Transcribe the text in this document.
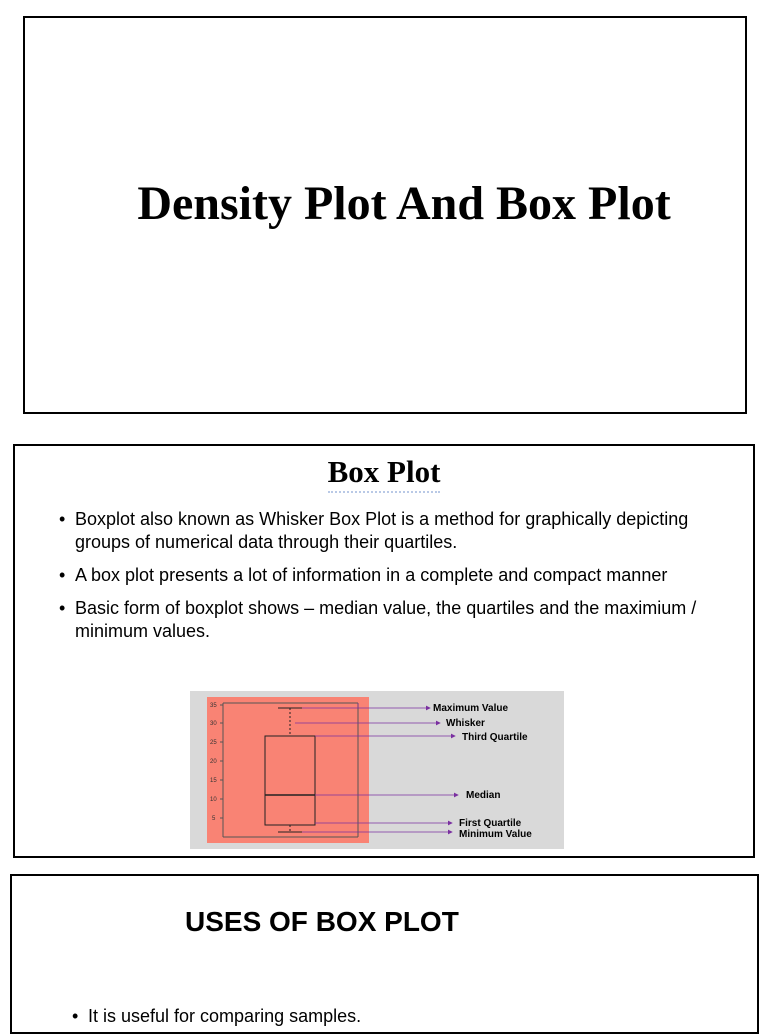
Density Plot And Box Plot
Box Plot
• Boxplot also known as Whisker Box Plot is a method for graphically depicting groups of numerical data through their quartiles.
• A box plot presents a lot of information in a complete and compact manner
• Basic form of boxplot shows – median value, the quartiles and the maximium / minimum values.
35
30
25
20
15
10
5
Maximum Value
Whisker
Third Quartile
Median
First Quartile
Minimum Value
USES OF BOX PLOT
• It is useful for comparing samples.
